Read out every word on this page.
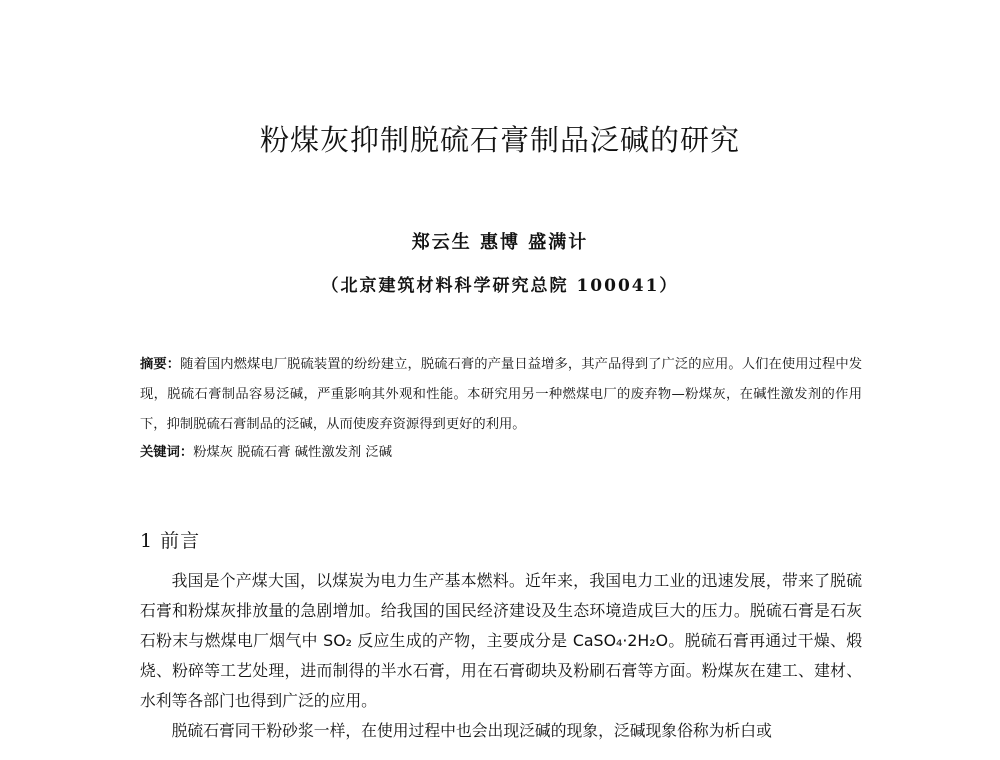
粉煤灰抑制脱硫石膏制品泛碱的研究
郑云生 惠博 盛满计
（北京建筑材料科学研究总院 100041）
摘要：随着国内燃煤电厂脱硫装置的纷纷建立，脱硫石膏的产量日益增多，其产品得到了广泛的应用。人们在使用过程中发现，脱硫石膏制品容易泛碱，严重影响其外观和性能。本研究用另一种燃煤电厂的废弃物—粉煤灰，在碱性激发剂的作用下，抑制脱硫石膏制品的泛碱，从而使废弃资源得到更好的利用。
关键词：粉煤灰 脱硫石膏 碱性激发剂 泛碱
1 前言

我国是个产煤大国，以煤炭为电力生产基本燃料。近年来，我国电力工业的迅速发展，带来了脱硫石膏和粉煤灰排放量的急剧增加。给我国的国民经济建设及生态环境造成巨大的压力。脱硫石膏是石灰石粉末与燃煤电厂烟气中 SO₂ 反应生成的产物，主要成分是 CaSO₄·2H₂O。脱硫石膏再通过干燥、煅烧、粉碎等工艺处理，进而制得的半水石膏，用在石膏砌块及粉刷石膏等方面。粉煤灰在建工、建材、水利等各部门也得到广泛的应用。

脱硫石膏同干粉砂浆一样，在使用过程中也会出现泛碱的现象，泛碱现象俗称为析白或
